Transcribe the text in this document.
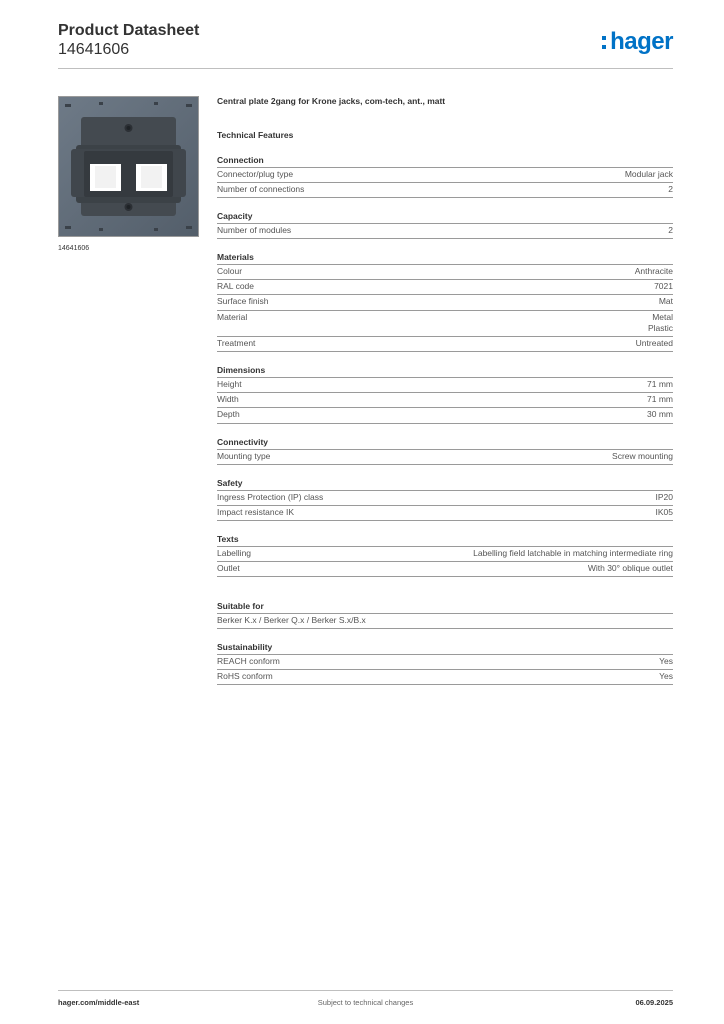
Product Datasheet
14641606	hager
14641606
Central plate 2gang for Krone jacks, com-tech, ant., matt
Technical Features
Connection
Connector/plug type	Modular jack
Number of connections	2
Capacity
Number of modules	2
Materials
Colour	Anthracite
RAL code	7021
Surface finish	Mat
Material	Metal
Plastic
Treatment	Untreated
Dimensions
Height	71 mm
Width	71 mm
Depth	30 mm
Connectivity
Mounting type	Screw mounting
Safety
Ingress Protection (IP) class	IP20
Impact resistance IK	IK05
Texts
Labelling	Labelling field latchable in matching intermediate ring
Outlet	With 30° oblique outlet
Suitable for
Berker K.x / Berker Q.x / Berker S.x/B.x
Sustainability
REACH conform	Yes
RoHS conform	Yes
hager.com/middle-east	Subject to technical changes	06.09.2025
